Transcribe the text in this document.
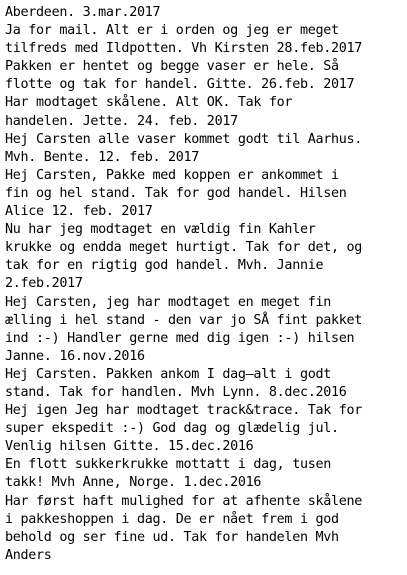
Aberdeen. 3.mar.2017
Ja for mail. Alt er i orden og jeg er meget
tilfreds med Ildpotten. Vh Kirsten 28.feb.2017
Pakken er hentet og begge vaser er hele. Så
flotte og tak for handel. Gitte. 26.feb. 2017
Har modtaget skålene. Alt OK. Tak for
handelen. Jette. 24. feb. 2017
Hej Carsten alle vaser kommet godt til Aarhus.
Mvh. Bente. 12. feb. 2017
Hej Carsten, Pakke med koppen er ankommet i
fin og hel stand. Tak for god handel. Hilsen
Alice 12. feb. 2017
Nu har jeg modtaget en vældig fin Kahler
krukke og endda meget hurtigt. Tak for det, og
tak for en rigtig god handel. Mvh. Jannie
2.feb.2017
Hej Carsten, jeg har modtaget en meget fin
ælling i hel stand - den var jo SÅ fint pakket
ind :-) Handler gerne med dig igen :-) hilsen
Janne. 16.nov.2016
Hej Carsten. Pakken ankom I dag–alt i godt
stand. Tak for handlen. Mvh Lynn. 8.dec.2016
Hej igen Jeg har modtaget track&trace. Tak for
super ekspedit :-) God dag og glædelig jul.
Venlig hilsen Gitte. 15.dec.2016
En flott sukkerkrukke mottatt i dag, tusen
takk! Mvh Anne, Norge. 1.dec.2016
Har først haft mulighed for at afhente skålene
i pakkeshoppen i dag. De er nået frem i god
behold og ser fine ud. Tak for handelen Mvh
Anders
